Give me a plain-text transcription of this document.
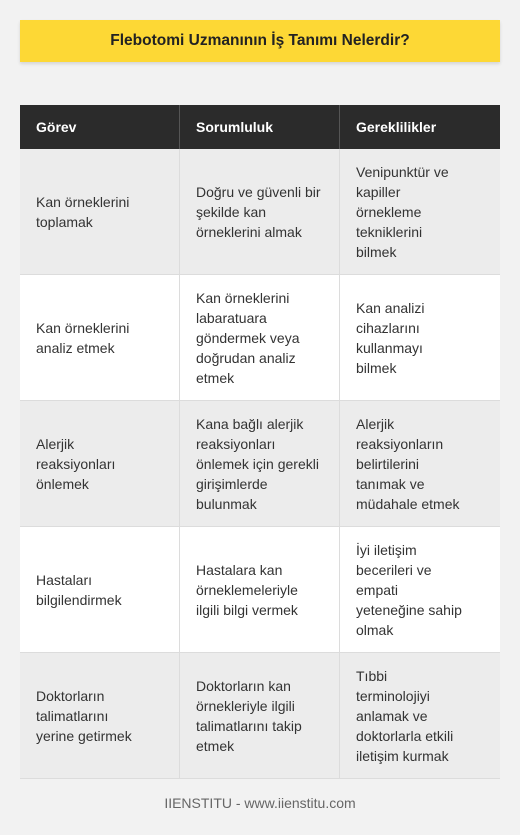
Flebotomi Uzmanının İş Tanımı Nelerdir?
Görev	Sorumluluk	Gereklilikler
Kan örneklerini
toplamak
Doğru ve güvenli bir
şekilde kan
örneklerini almak
Venipunktür ve
kapiller
örnekleme
tekniklerini
bilmek
Kan örneklerini
analiz etmek
Kan örneklerini
labaratuara
göndermek veya
doğrudan analiz
etmek
Kan analizi
cihazlarını
kullanmayı
bilmek
Alerjik
reaksiyonları
önlemek
Kana bağlı alerjik
reaksiyonları
önlemek için gerekli
girişimlerde
bulunmak
Alerjik
reaksiyonların
belirtilerini
tanımak ve
müdahale etmek
Hastaları
bilgilendirmek
Hastalara kan
örneklemeleriyle
ilgili bilgi vermek
İyi iletişim
becerileri ve
empati
yeteneğine sahip
olmak
Doktorların
talimatlarını
yerine getirmek
Doktorların kan
örnekleriyle ilgili
talimatlarını takip
etmek
Tıbbi
terminolojiyi
anlamak ve
doktorlarla etkili
iletişim kurmak
IIENSTITU - www.iienstitu.com
